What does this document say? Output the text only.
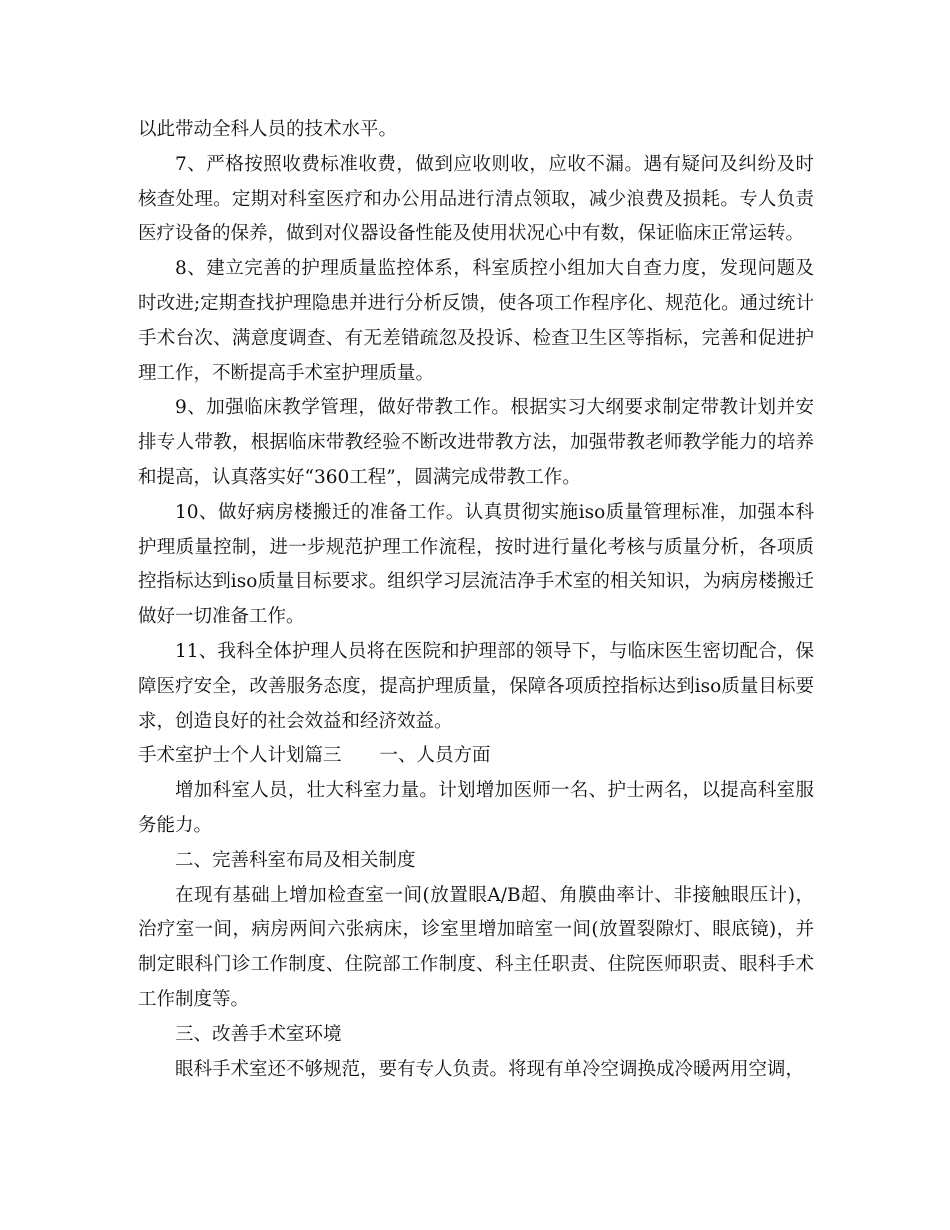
以此带动全科人员的技术水平。

7、严格按照收费标准收费，做到应收则收，应收不漏。遇有疑问及纠纷及时核查处理。定期对科室医疗和办公用品进行清点领取，减少浪费及损耗。专人负责医疗设备的保养，做到对仪器设备性能及使用状况心中有数，保证临床正常运转。

8、建立完善的护理质量监控体系，科室质控小组加大自查力度，发现问题及时改进;定期查找护理隐患并进行分析反馈，使各项工作程序化、规范化。通过统计手术台次、满意度调查、有无差错疏忽及投诉、检查卫生区等指标，完善和促进护理工作，不断提高手术室护理质量。

9、加强临床教学管理，做好带教工作。根据实习大纲要求制定带教计划并安排专人带教，根据临床带教经验不断改进带教方法，加强带教老师教学能力的培养和提高，认真落实好“360工程”，圆满完成带教工作。

10、做好病房楼搬迁的准备工作。认真贯彻实施iso质量管理标准，加强本科护理质量控制，进一步规范护理工作流程，按时进行量化考核与质量分析，各项质控指标达到iso质量目标要求。组织学习层流洁净手术室的相关知识，为病房楼搬迁做好一切准备工作。

11、我科全体护理人员将在医院和护理部的领导下，与临床医生密切配合，保障医疗安全，改善服务态度，提高护理质量，保障各项质控指标达到iso质量目标要求，创造良好的社会效益和经济效益。

手术室护士个人计划篇三 一、人员方面

增加科室人员，壮大科室力量。计划增加医师一名、护士两名，以提高科室服务能力。

二、完善科室布局及相关制度

在现有基础上增加检查室一间(放置眼A/B超、角膜曲率计、非接触眼压计)，治疗室一间，病房两间六张病床，诊室里增加暗室一间(放置裂隙灯、眼底镜)，并制定眼科门诊工作制度、住院部工作制度、科主任职责、住院医师职责、眼科手术工作制度等。

三、改善手术室环境

眼科手术室还不够规范，要有专人负责。将现有单冷空调换成冷暖两用空调，
